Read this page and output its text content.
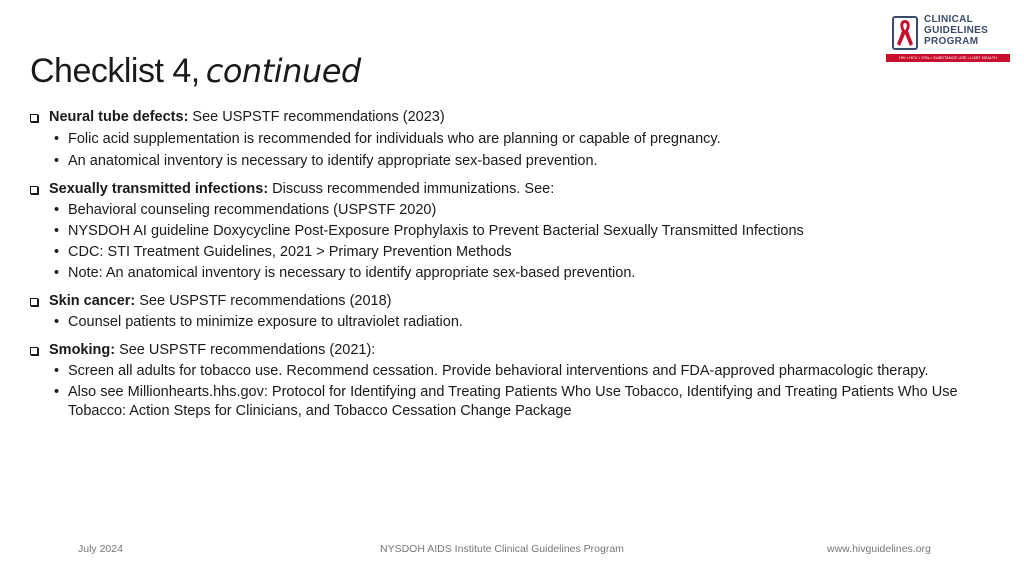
Checklist 4, continued
CLINICAL
GUIDELINES
PROGRAM
HIV • HCV • STIs • SUBSTANCE USE • LGBT HEALTH
Neural tube defects: See USPSTF recommendations (2023)
• Folic acid supplementation is recommended for individuals who are planning or capable of pregnancy.
• An anatomical inventory is necessary to identify appropriate sex-based prevention.
Sexually transmitted infections: Discuss recommended immunizations. See:
• Behavioral counseling recommendations (USPSTF 2020)
• NYSDOH AI guideline Doxycycline Post-Exposure Prophylaxis to Prevent Bacterial Sexually Transmitted Infections
• CDC: STI Treatment Guidelines, 2021 > Primary Prevention Methods
• Note: An anatomical inventory is necessary to identify appropriate sex-based prevention.
Skin cancer: See USPSTF recommendations (2018)
• Counsel patients to minimize exposure to ultraviolet radiation.
Smoking: See USPSTF recommendations (2021):
• Screen all adults for tobacco use. Recommend cessation. Provide behavioral interventions and FDA-approved pharmacologic therapy.
• Also see Millionhearts.hhs.gov: Protocol for Identifying and Treating Patients Who Use Tobacco, Identifying and Treating Patients Who Use Tobacco: Action Steps for Clinicians, and Tobacco Cessation Change Package
July 2024	NYSDOH AIDS Institute Clinical Guidelines Program	www.hivguidelines.org
